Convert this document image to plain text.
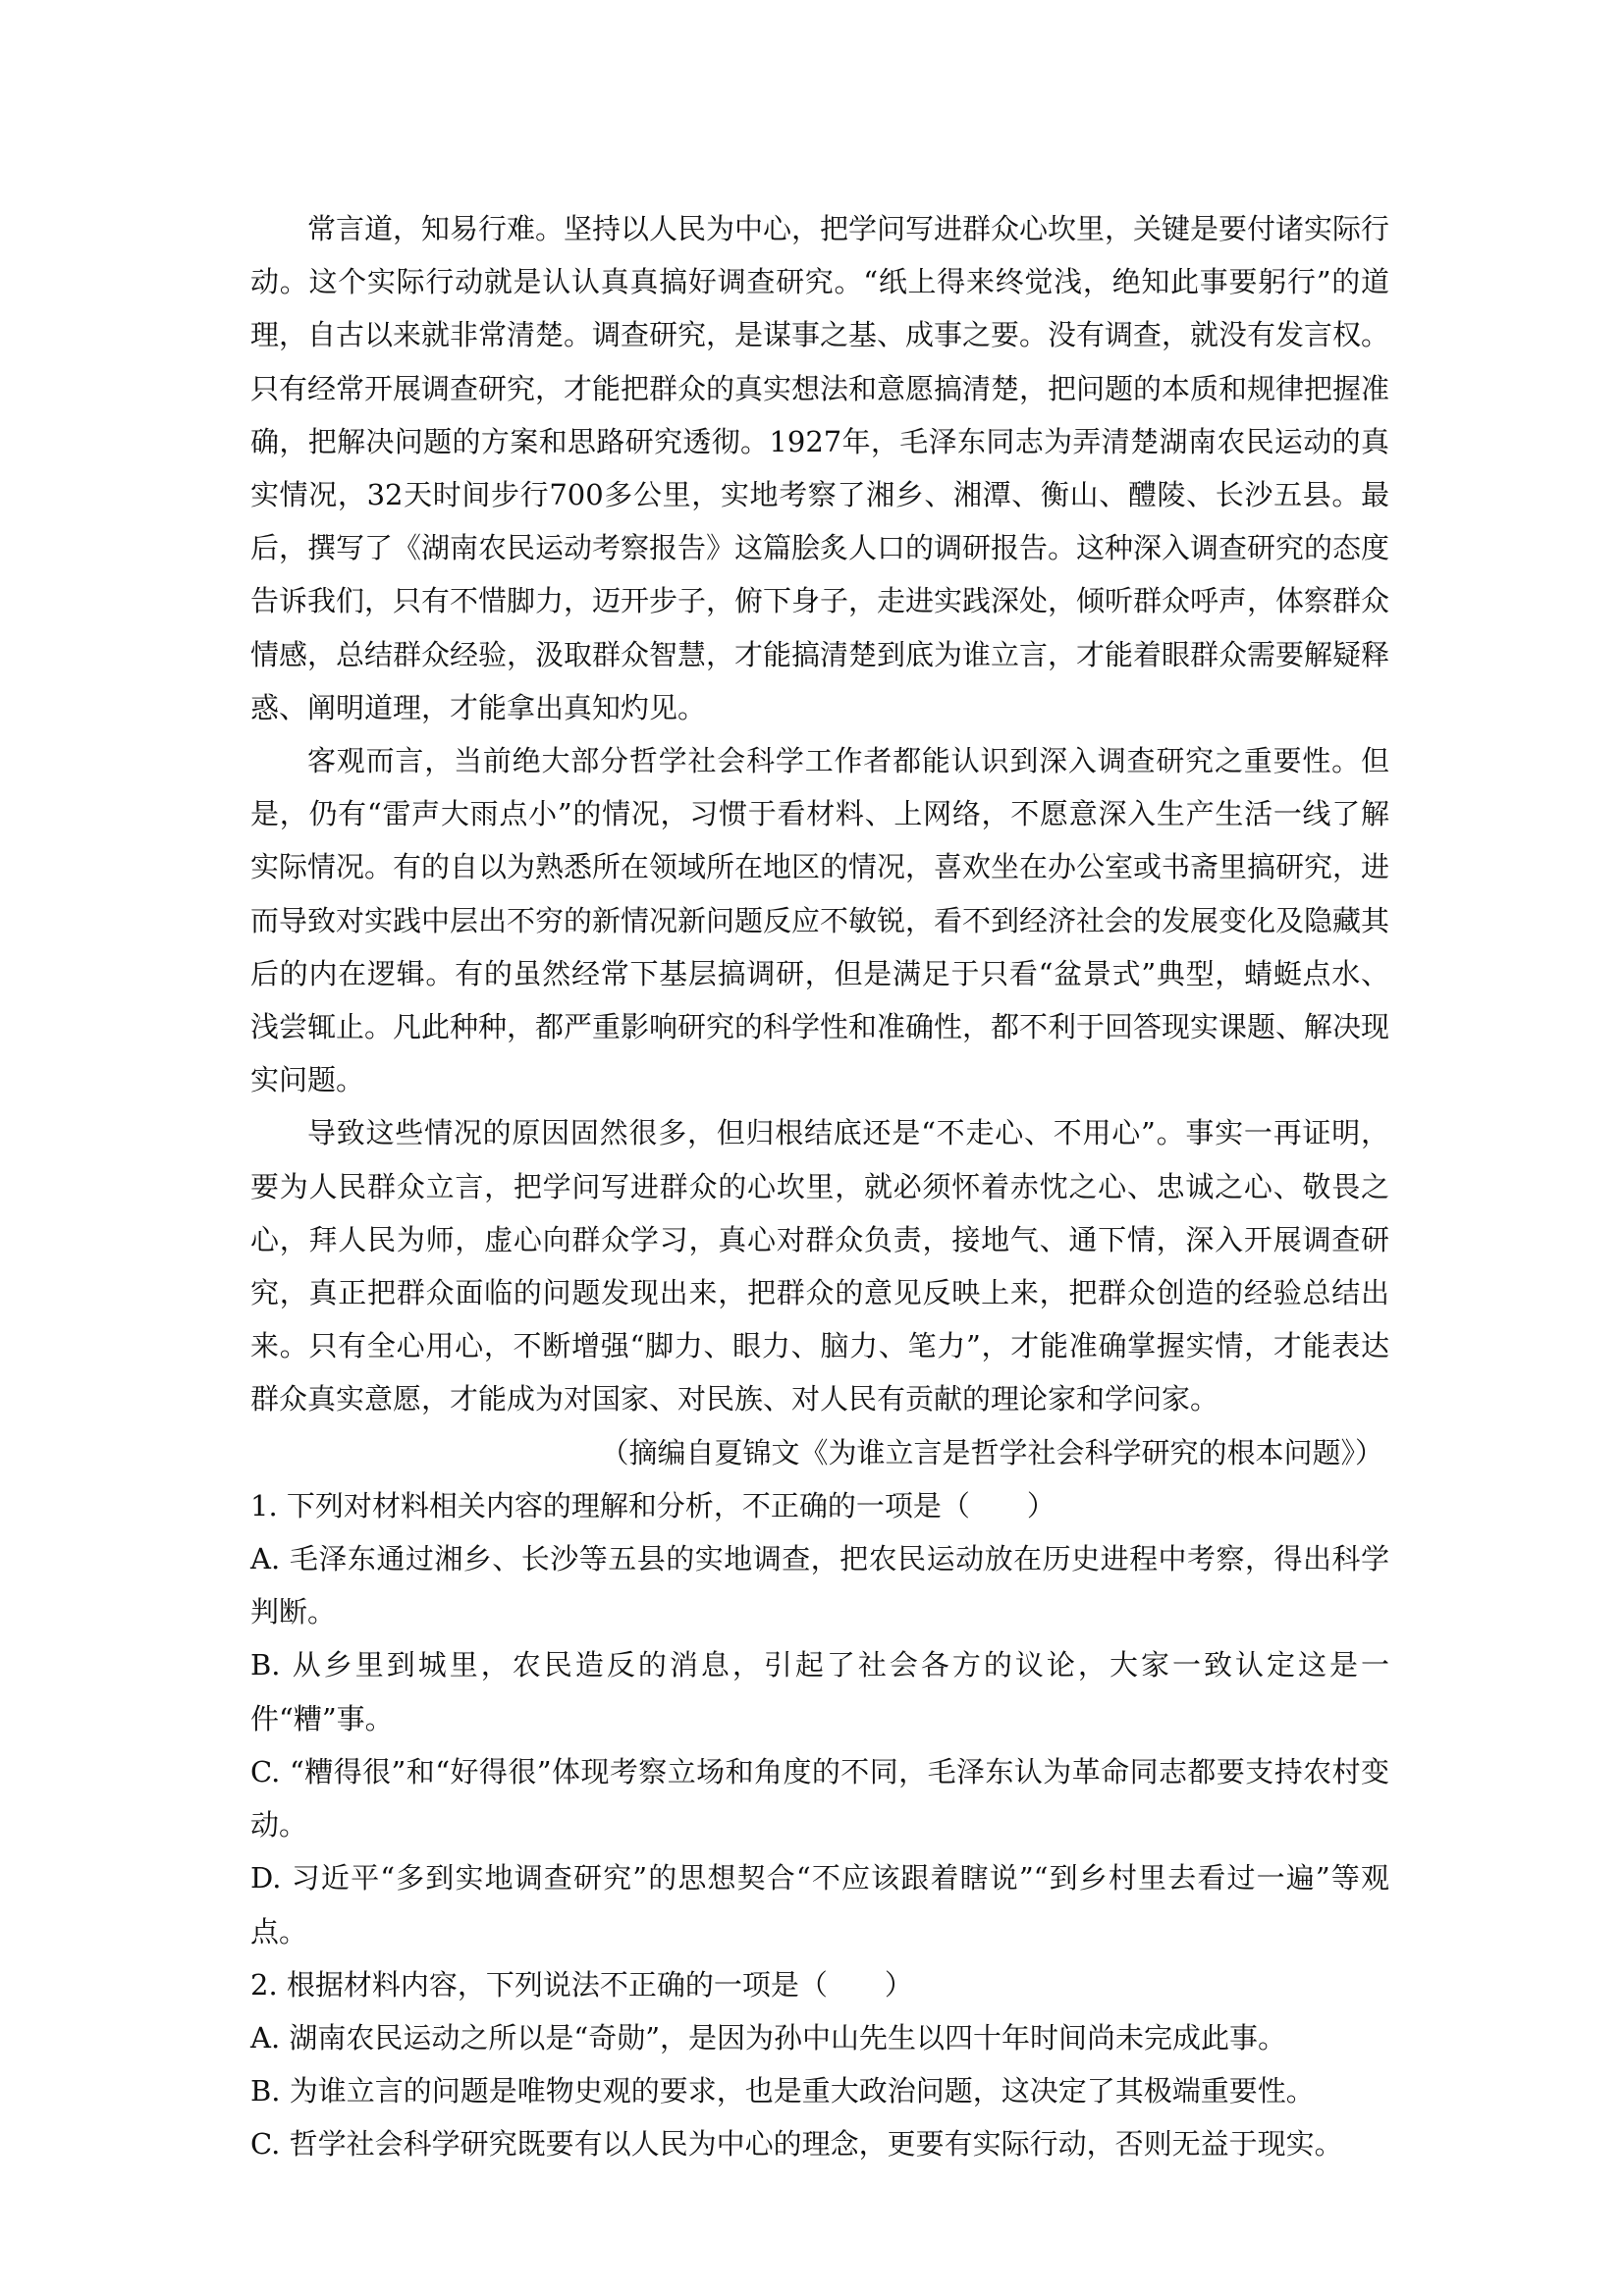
常言道，知易行难。坚持以人民为中心，把学问写进群众心坎里，关键是要付诸实际行动。这个实际行动就是认认真真搞好调查研究。“纸上得来终觉浅，绝知此事要躬行”的道理，自古以来就非常清楚。调查研究，是谋事之基、成事之要。没有调查，就没有发言权。只有经常开展调查研究，才能把群众的真实想法和意愿搞清楚，把问题的本质和规律把握准确，把解决问题的方案和思路研究透彻。1927年，毛泽东同志为弄清楚湖南农民运动的真实情况，32天时间步行700多公里，实地考察了湘乡、湘潭、衡山、醴陵、长沙五县。最后，撰写了《湖南农民运动考察报告》这篇脍炙人口的调研报告。这种深入调查研究的态度告诉我们，只有不惜脚力，迈开步子，俯下身子，走进实践深处，倾听群众呼声，体察群众情感，总结群众经验，汲取群众智慧，才能搞清楚到底为谁立言，才能着眼群众需要解疑释惑、阐明道理，才能拿出真知灼见。

客观而言，当前绝大部分哲学社会科学工作者都能认识到深入调查研究之重要性。但是，仍有“雷声大雨点小”的情况，习惯于看材料、上网络，不愿意深入生产生活一线了解实际情况。有的自以为熟悉所在领域所在地区的情况，喜欢坐在办公室或书斋里搞研究，进而导致对实践中层出不穷的新情况新问题反应不敏锐，看不到经济社会的发展变化及隐藏其后的内在逻辑。有的虽然经常下基层搞调研，但是满足于只看“盆景式”典型，蜻蜓点水、浅尝辄止。凡此种种，都严重影响研究的科学性和准确性，都不利于回答现实课题、解决现实问题。

导致这些情况的原因固然很多，但归根结底还是“不走心、不用心”。事实一再证明，要为人民群众立言，把学问写进群众的心坎里，就必须怀着赤忱之心、忠诚之心、敬畏之心，拜人民为师，虚心向群众学习，真心对群众负责，接地气、通下情，深入开展调查研究，真正把群众面临的问题发现出来，把群众的意见反映上来，把群众创造的经验总结出来。只有全心用心，不断增强“脚力、眼力、脑力、笔力”，才能准确掌握实情，才能表达群众真实意愿，才能成为对国家、对民族、对人民有贡献的理论家和学问家。

（摘编自夏锦文《为谁立言是哲学社会科学研究的根本问题》）

1. 下列对材料相关内容的理解和分析，不正确的一项是（　　）

A. 毛泽东通过湘乡、长沙等五县的实地调查，把农民运动放在历史进程中考察，得出科学判断。

B. 从乡里到城里，农民造反的消息，引起了社会各方的议论，大家一致认定这是一件“糟”事。

C. “糟得很”和“好得很”体现考察立场和角度的不同，毛泽东认为革命同志都要支持农村变动。

D. 习近平“多到实地调查研究”的思想契合“不应该跟着瞎说”“到乡村里去看过一遍”等观点。

2. 根据材料内容，下列说法不正确的一项是（　　）

A. 湖南农民运动之所以是“奇勋”，是因为孙中山先生以四十年时间尚未完成此事。

B. 为谁立言的问题是唯物史观的要求，也是重大政治问题，这决定了其极端重要性。

C. 哲学社会科学研究既要有以人民为中心的理念，更要有实际行动，否则无益于现实。
